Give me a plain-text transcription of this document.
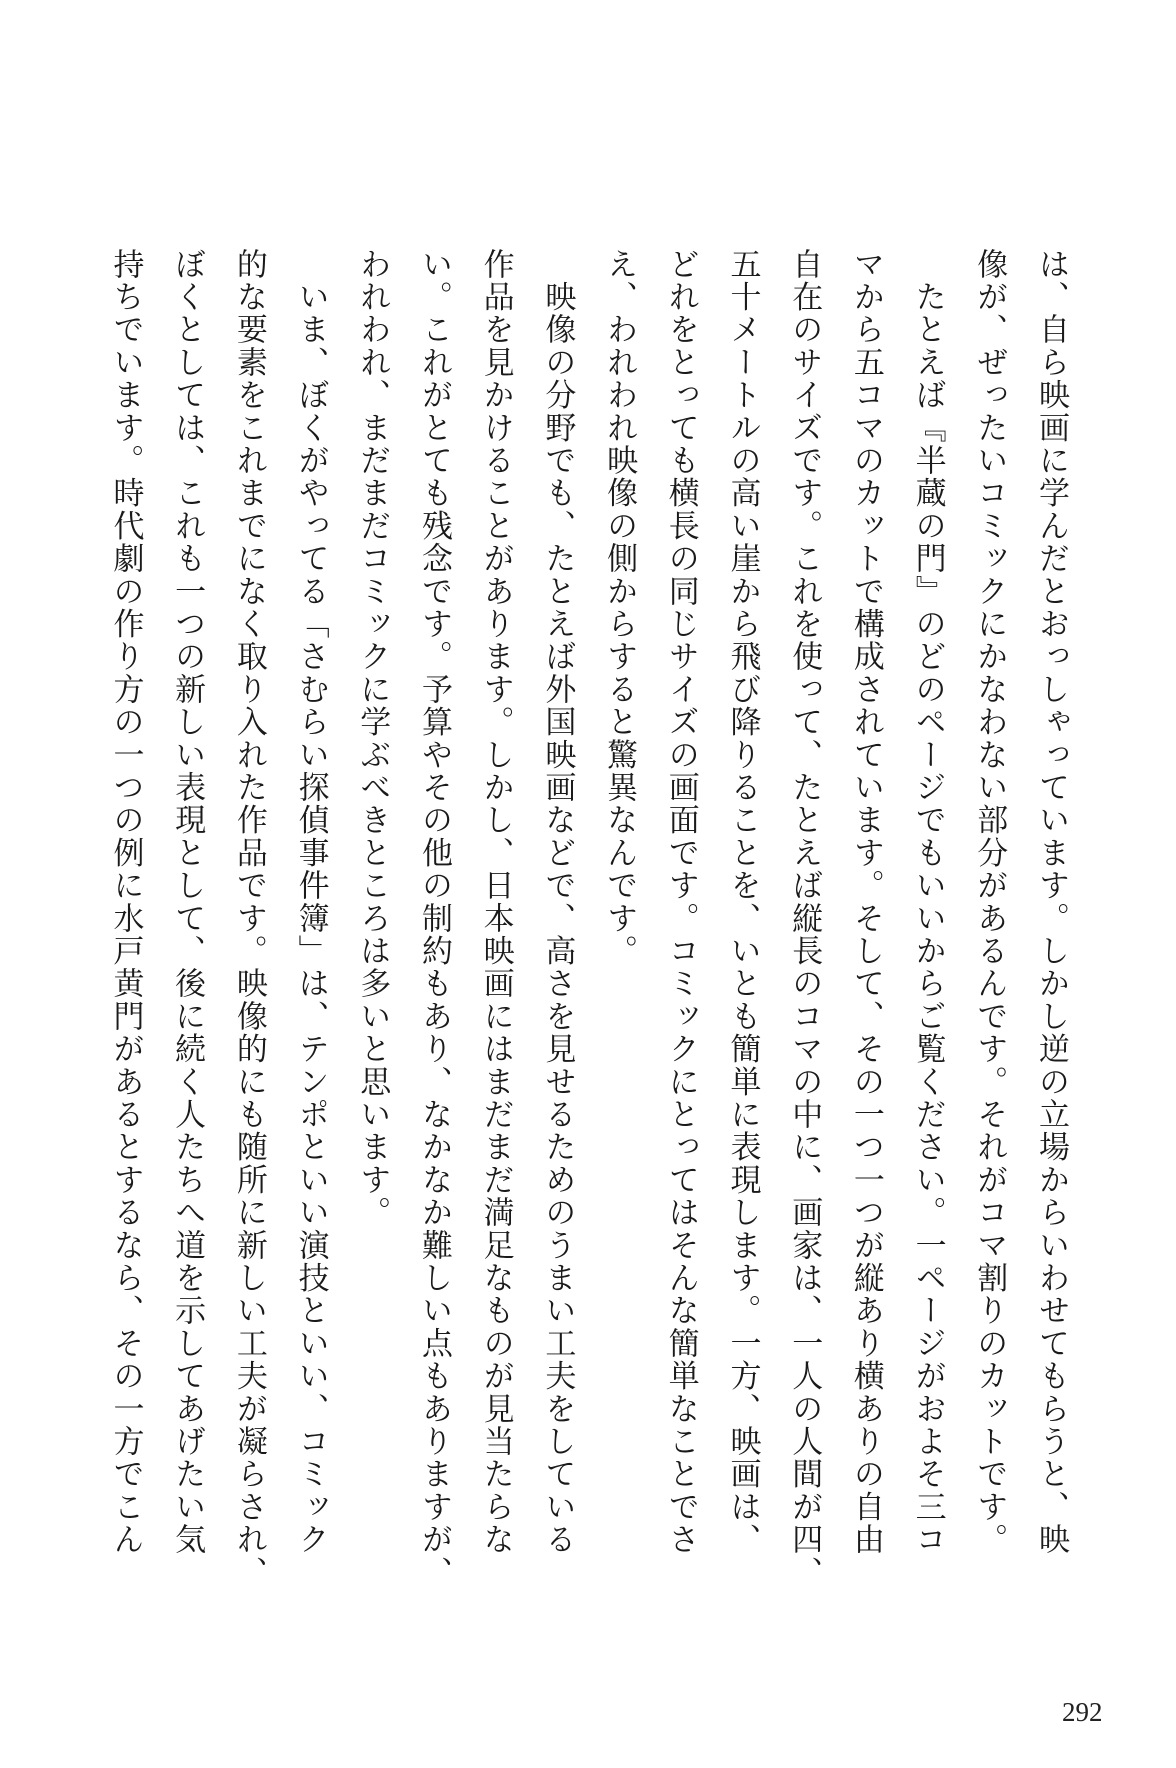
は、自ら映画に学んだとおっしゃっています。しかし逆の立場からいわせてもらうと、映
像が、ぜったいコミックにかなわない部分があるんです。それがコマ割りのカットです。
　たとえば『半蔵の門』のどのページでもいいからご覧ください。一ページがおよそ三コ
マから五コマのカットで構成されています。そして、その一つ一つが縦あり横ありの自由
自在のサイズです。これを使って、たとえば縦長のコマの中に、画家は、一人の人間が四、
五十メートルの高い崖から飛び降りることを、いとも簡単に表現します。一方、映画は、
どれをとっても横長の同じサイズの画面です。コミックにとってはそんな簡単なことでさ
え、われわれ映像の側からすると驚異なんです。
　映像の分野でも、たとえば外国映画などで、高さを見せるためのうまい工夫をしている
作品を見かけることがあります。しかし、日本映画にはまだまだ満足なものが見当たらな
い。これがとても残念です。予算やその他の制約もあり、なかなか難しい点もありますが、
われわれ、まだまだコミックに学ぶべきところは多いと思います。
　いま、ぼくがやってる「さむらい探偵事件簿」は、テンポといい演技といい、コミック
的な要素をこれまでになく取り入れた作品です。映像的にも随所に新しい工夫が凝らされ、
ぼくとしては、これも一つの新しい表現として、後に続く人たちへ道を示してあげたい気
持ちでいます。時代劇の作り方の一つの例に水戸黄門があるとするなら、その一方でこん
292
